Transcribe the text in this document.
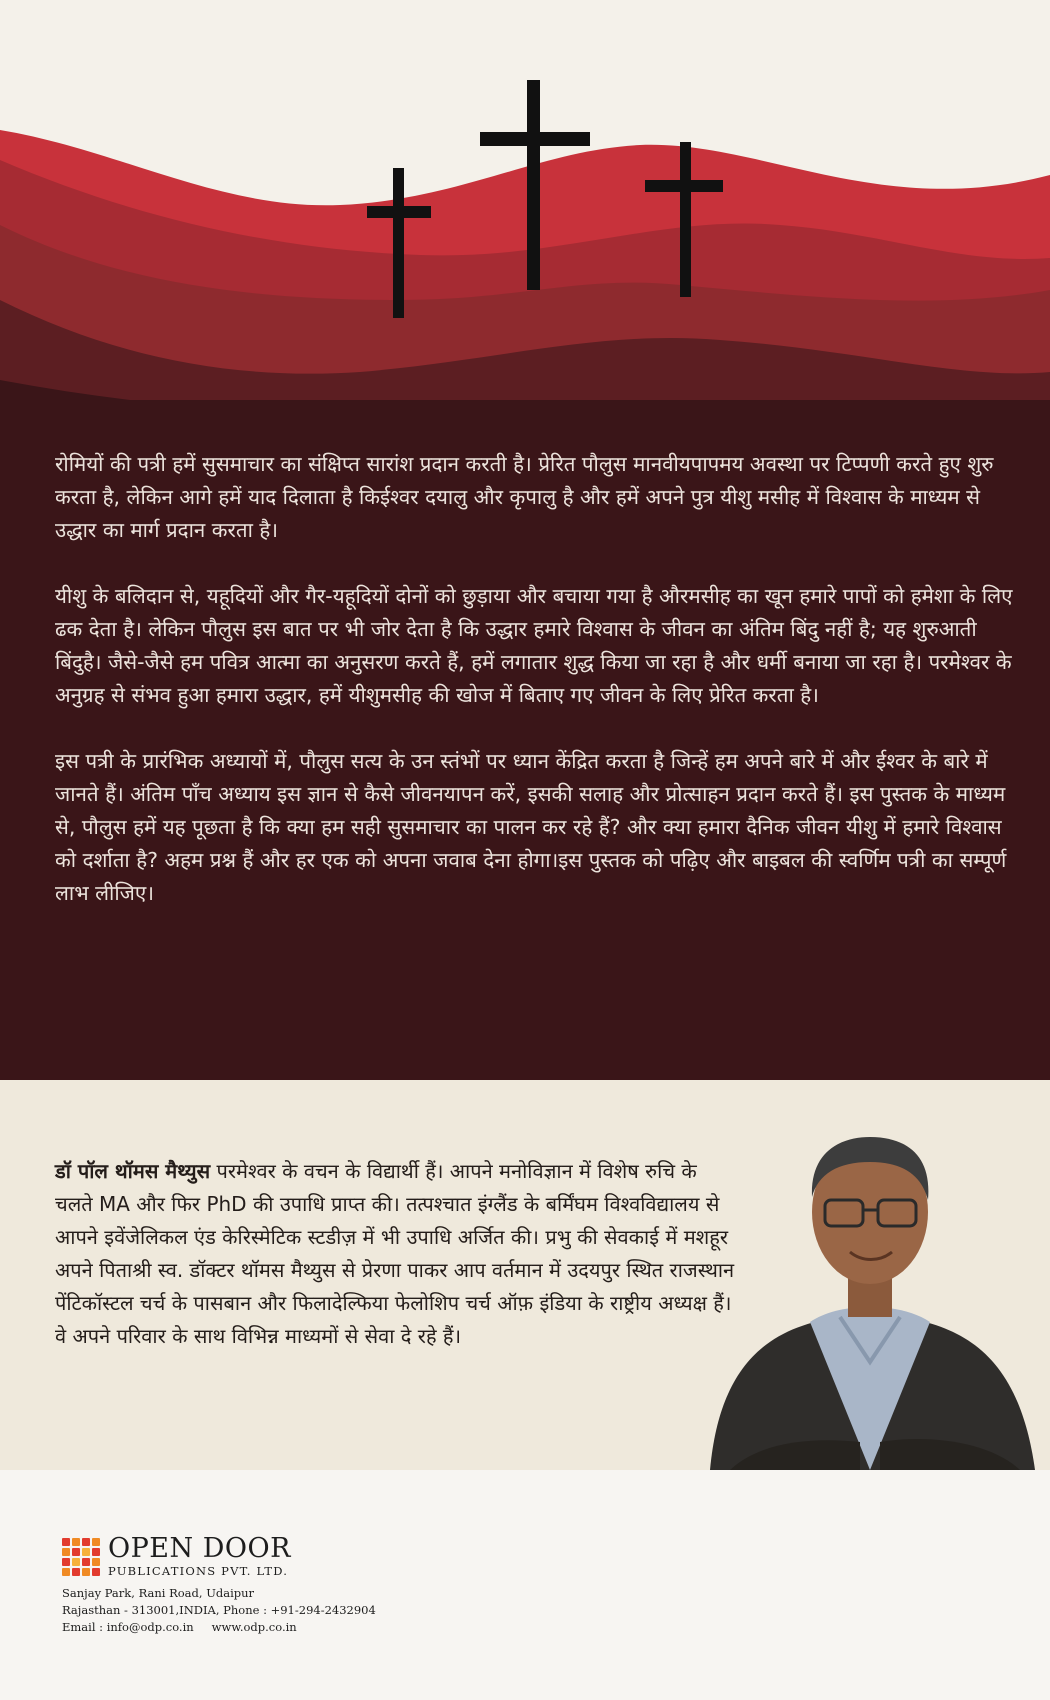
रोमियों की पत्री हमें सुसमाचार का संक्षिप्त सारांश प्रदान करती है। प्रेरित पौलुस मानवीयपापमय अवस्था पर टिप्पणी करते हुए शुरु करता है, लेकिन आगे हमें याद दिलाता है किईश्वर दयालु और कृपालु है और हमें अपने पुत्र यीशु मसीह में विश्वास के माध्यम से उद्धार का मार्ग प्रदान करता है।

यीशु के बलिदान से, यहूदियों और गैर-यहूदियों दोनों को छुड़ाया और बचाया गया है औरमसीह का खून हमारे पापों को हमेशा के लिए ढक देता है। लेकिन पौलुस इस बात पर भी जोर देता है कि उद्धार हमारे विश्वास के जीवन का अंतिम बिंदु नहीं है; यह शुरुआती बिंदुहै। जैसे-जैसे हम पवित्र आत्मा का अनुसरण करते हैं, हमें लगातार शुद्ध किया जा रहा है और धर्मी बनाया जा रहा है। परमेश्वर के अनुग्रह से संभव हुआ हमारा उद्धार, हमें यीशुमसीह की खोज में बिताए गए जीवन के लिए प्रेरित करता है।

इस पत्री के प्रारंभिक अध्यायों में, पौलुस सत्य के उन स्तंभों पर ध्यान केंद्रित करता है जिन्हें हम अपने बारे में और ईश्वर के बारे में जानते हैं। अंतिम पाँच अध्याय इस ज्ञान से कैसे जीवनयापन करें, इसकी सलाह और प्रोत्साहन प्रदान करते हैं। इस पुस्तक के माध्यम से, पौलुस हमें यह पूछता है कि क्या हम सही सुसमाचार का पालन कर रहे हैं? और क्या हमारा दैनिक जीवन यीशु में हमारे विश्वास को दर्शाता है? अहम प्रश्न हैं और हर एक को अपना जवाब देना होगा।इस पुस्तक को पढ़िए और बाइबल की स्वर्णिम पत्री का सम्पूर्ण लाभ लीजिए।

डॉ पॉल थॉमस मैथ्युस परमेश्वर के वचन के विद्यार्थी हैं। आपने मनोविज्ञान में विशेष रुचि के चलते MA और फिर PhD की उपाधि प्राप्त की। तत्पश्चात इंग्लैंड के बर्मिंघम विश्वविद्यालय से आपने इवेंजेलिकल एंड केरिस्मेटिक स्टडीज़ में भी उपाधि अर्जित की। प्रभु की सेवकाई में मशहूर अपने पिताश्री स्व. डॉक्टर थॉमस मैथ्युस से प्रेरणा पाकर आप वर्तमान में उदयपुर स्थित राजस्थान पेंटिकॉस्टल चर्च के पासबान और फिलादेल्फिया फेलोशिप चर्च ऑफ़ इंडिया के राष्ट्रीय अध्यक्ष हैं। वे अपने परिवार के साथ विभिन्न माध्यमों से सेवा दे रहे हैं।
OPEN DOOR
PUBLICATIONS PVT. LTD.
Sanjay Park, Rani Road, Udaipur
Rajasthan - 313001,INDIA, Phone : +91-294-2432904
Email : info@odp.co.in www.odp.co.in
